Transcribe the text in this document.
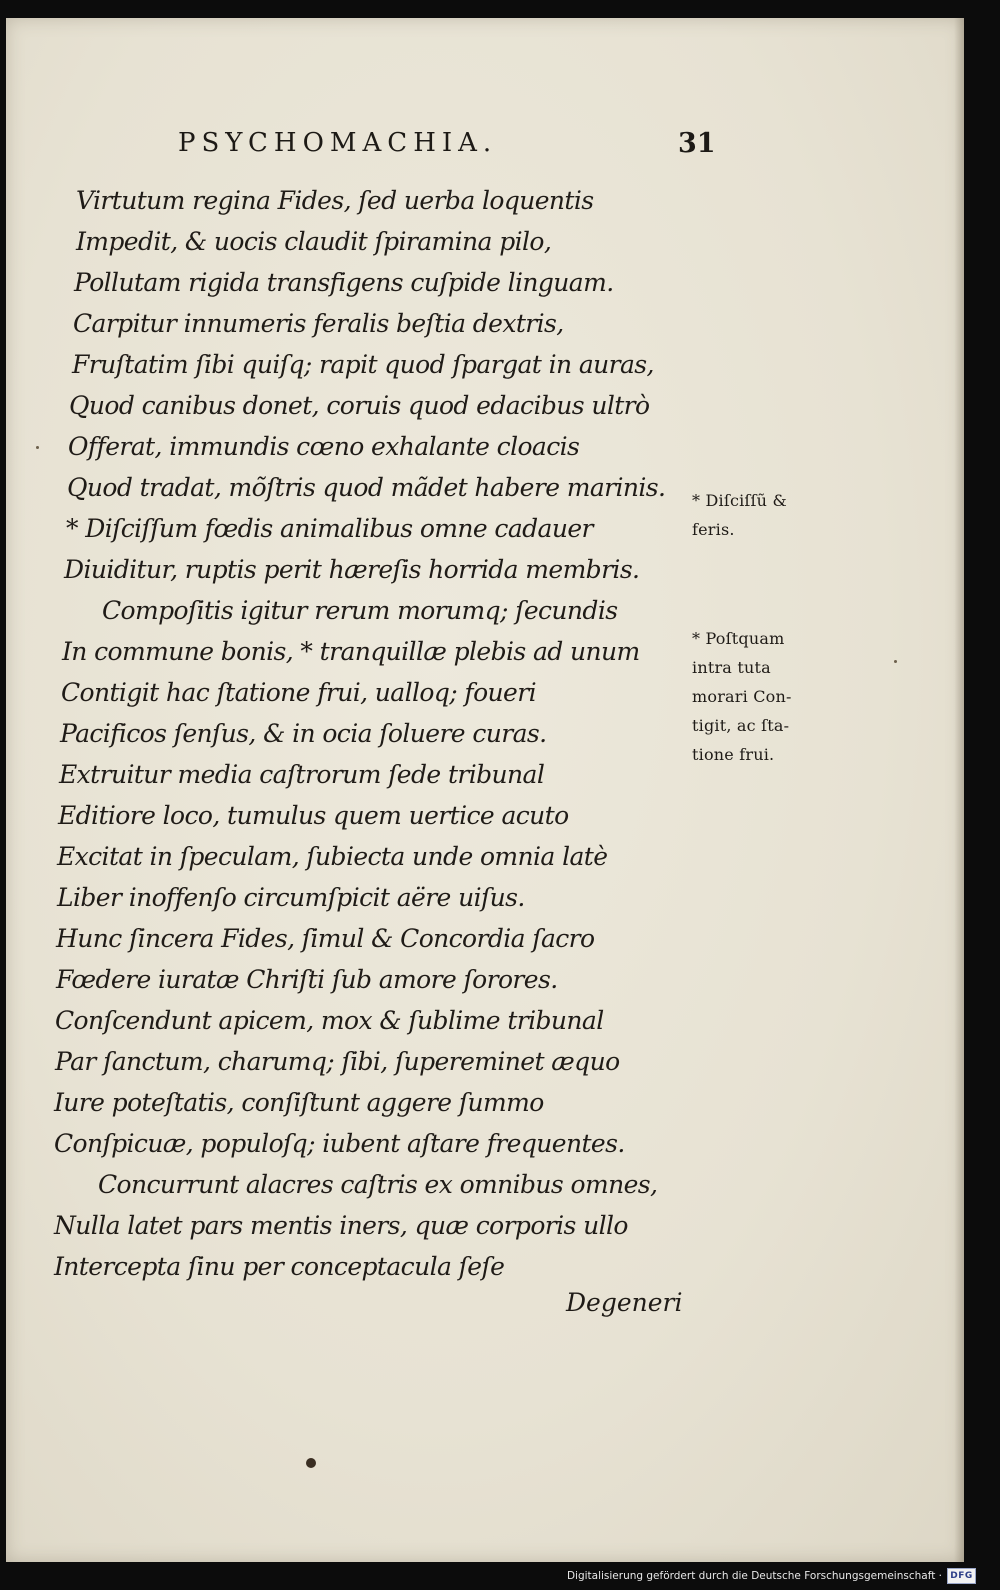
PSYCHOMACHIA.	31
Virtutum regina Fides, ſed uerba loquentis
Impedit, & uocis claudit ſpiramina pilo,
Pollutam rigida transfigens cuſpide linguam.
Carpitur innumeris feralis beſtia dextris,
Fruſtatim ſibi quiſq; rapit quod ſpargat in auras,
Quod canibus donet, coruis quod edacibus ultrò
Offerat, immundis cœno exhalante cloacis
Quod tradat, mõſtris quod mãdet habere marinis.
* Diſciſſum fœdis animalibus omne cadauer
Diuiditur, ruptis perit hæreſis horrida membris.
Compoſitis igitur rerum morumq; ſecundis
In commune bonis, * tranquillæ plebis ad unum
Contigit hac ſtatione frui, ualloq; foueri
Pacificos ſenſus, & in ocia ſoluere curas.
Extruitur media caſtrorum ſede tribunal
Editiore loco, tumulus quem uertice acuto
Excitat in ſpeculam, ſubiecta unde omnia latè
Liber inoffenſo circumſpicit aëre uiſus.
Hunc ſincera Fides, ſimul & Concordia ſacro
Fœdere iuratæ Chriſti ſub amore ſorores.
Conſcendunt apicem, mox & ſublime tribunal
Par ſanctum, charumq; ſibi, ſupereminet æquo
Iure poteſtatis, conſiſtunt aggere ſummo
Conſpicuæ, populoſq; iubent aſtare frequentes.
Concurrunt alacres caſtris ex omnibus omnes,
Nulla latet pars mentis iners, quæ corporis ullo
Intercepta ſinu per conceptacula ſeſe
Degeneri
* Diſciſſũ &
feris.
* Poſtquam
intra tuta
morari Con-
tigit, ac ſta-
tione frui.
Digitalisierung gefördert durch die Deutsche Forschungsgemeinschaft · DFG
